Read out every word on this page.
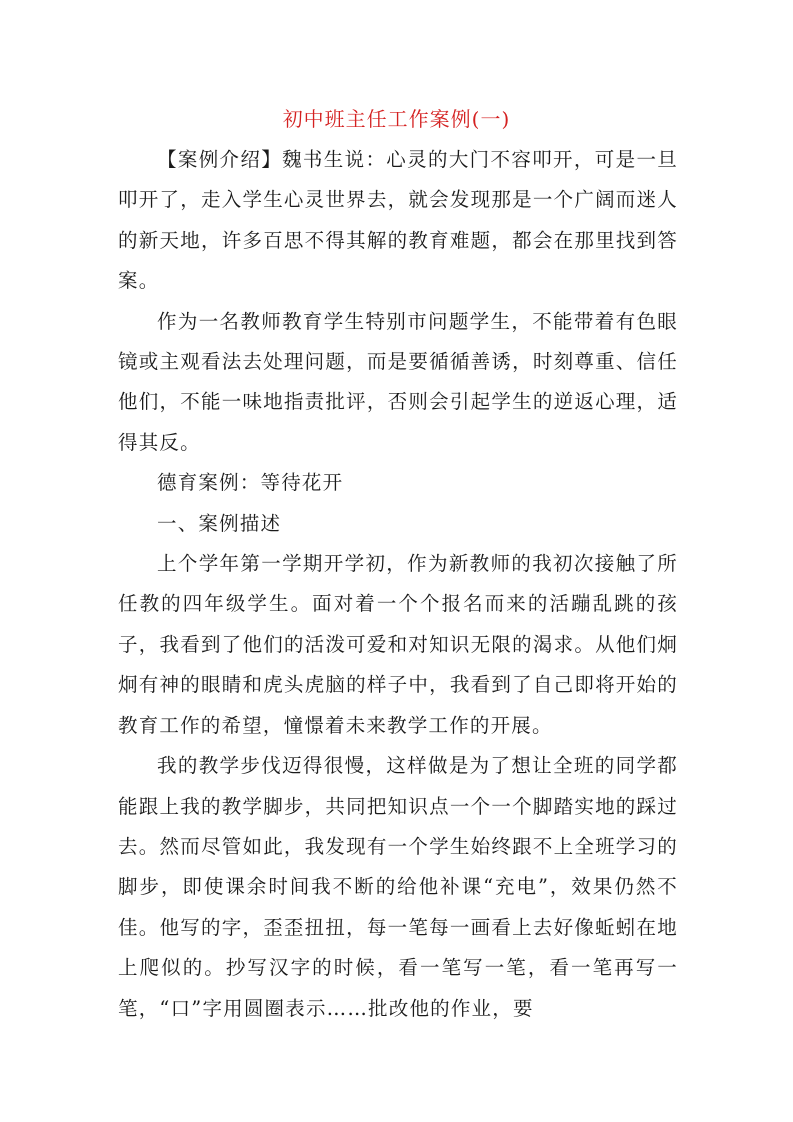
初中班主任工作案例(一)

【案例介绍】魏书生说：心灵的大门不容叩开，可是一旦叩开了，走入学生心灵世界去，就会发现那是一个广阔而迷人的新天地，许多百思不得其解的教育难题，都会在那里找到答案。

作为一名教师教育学生特别市问题学生，不能带着有色眼镜或主观看法去处理问题，而是要循循善诱，时刻尊重、信任他们，不能一味地指责批评，否则会引起学生的逆返心理，适得其反。

德育案例：等待花开

一、案例描述

上个学年第一学期开学初，作为新教师的我初次接触了所任教的四年级学生。面对着一个个报名而来的活蹦乱跳的孩子，我看到了他们的活泼可爱和对知识无限的渴求。从他们炯炯有神的眼睛和虎头虎脑的样子中，我看到了自己即将开始的教育工作的希望，憧憬着未来教学工作的开展。

我的教学步伐迈得很慢，这样做是为了想让全班的同学都能跟上我的教学脚步，共同把知识点一个一个脚踏实地的踩过去。然而尽管如此，我发现有一个学生始终跟不上全班学习的脚步，即使课余时间我不断的给他补课“充电”，效果仍然不佳。他写的字，歪歪扭扭，每一笔每一画看上去好像蚯蚓在地上爬似的。抄写汉字的时候，看一笔写一笔，看一笔再写一笔，“口”字用圆圈表示……批改他的作业，要
